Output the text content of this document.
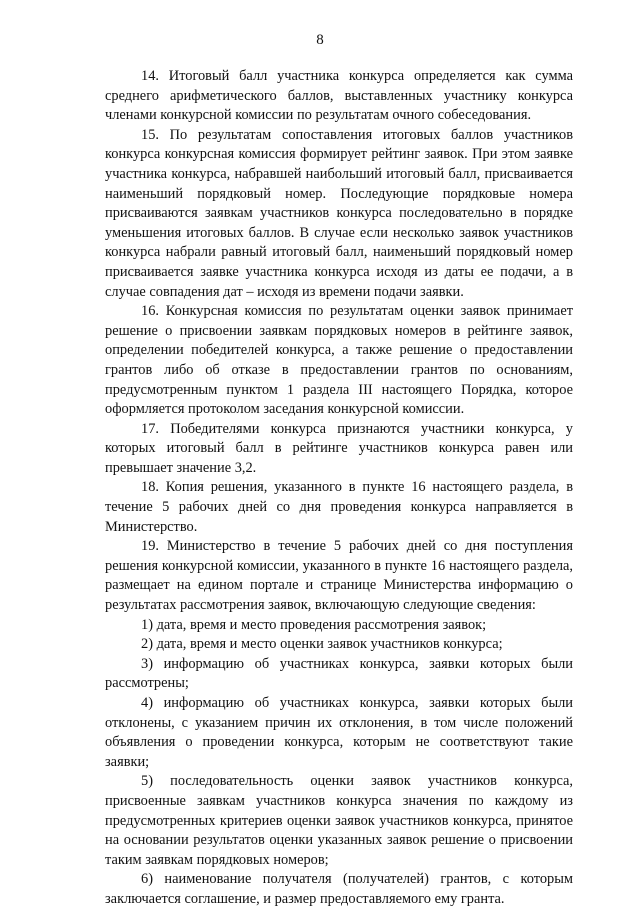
8

14. Итоговый балл участника конкурса определяется как сумма среднего арифметического баллов, выставленных участнику конкурса членами конкурсной комиссии по результатам очного собеседования.

15. По результатам сопоставления итоговых баллов участников конкурса конкурсная комиссия формирует рейтинг заявок. При этом заявке участника конкурса, набравшей наибольший итоговый балл, присваивается наименьший порядковый номер. Последующие порядковые номера присваиваются заявкам участников конкурса последовательно в порядке уменьшения итоговых баллов. В случае если несколько заявок участников конкурса набрали равный итоговый балл, наименьший порядковый номер присваивается заявке участника конкурса исходя из даты ее подачи, а в случае совпадения дат – исходя из времени подачи заявки.

16. Конкурсная комиссия по результатам оценки заявок принимает решение о присвоении заявкам порядковых номеров в рейтинге заявок, определении победителей конкурса, а также решение о предоставлении грантов либо об отказе в предоставлении грантов по основаниям, предусмотренным пунктом 1 раздела III настоящего Порядка, которое оформляется протоколом заседания конкурсной комиссии.

17. Победителями конкурса признаются участники конкурса, у которых итоговый балл в рейтинге участников конкурса равен или превышает значение 3,2.

18. Копия решения, указанного в пункте 16 настоящего раздела, в течение 5 рабочих дней со дня проведения конкурса направляется в Министерство.

19. Министерство в течение 5 рабочих дней со дня поступления решения конкурсной комиссии, указанного в пункте 16 настоящего раздела, размещает на едином портале и странице Министерства информацию о результатах рассмотрения заявок, включающую следующие сведения:

1) дата, время и место проведения рассмотрения заявок;

2) дата, время и место оценки заявок участников конкурса;

3) информацию об участниках конкурса, заявки которых были рассмотрены;

4) информацию об участниках конкурса, заявки которых были отклонены, с указанием причин их отклонения, в том числе положений объявления о проведении конкурса, которым не соответствуют такие заявки;

5) последовательность оценки заявок участников конкурса, присвоенные заявкам участников конкурса значения по каждому из предусмотренных критериев оценки заявок участников конкурса, принятое на основании результатов оценки указанных заявок решение о присвоении таким заявкам порядковых номеров;

6) наименование получателя (получателей) грантов, с которым заключается соглашение, и размер предоставляемого ему гранта.
